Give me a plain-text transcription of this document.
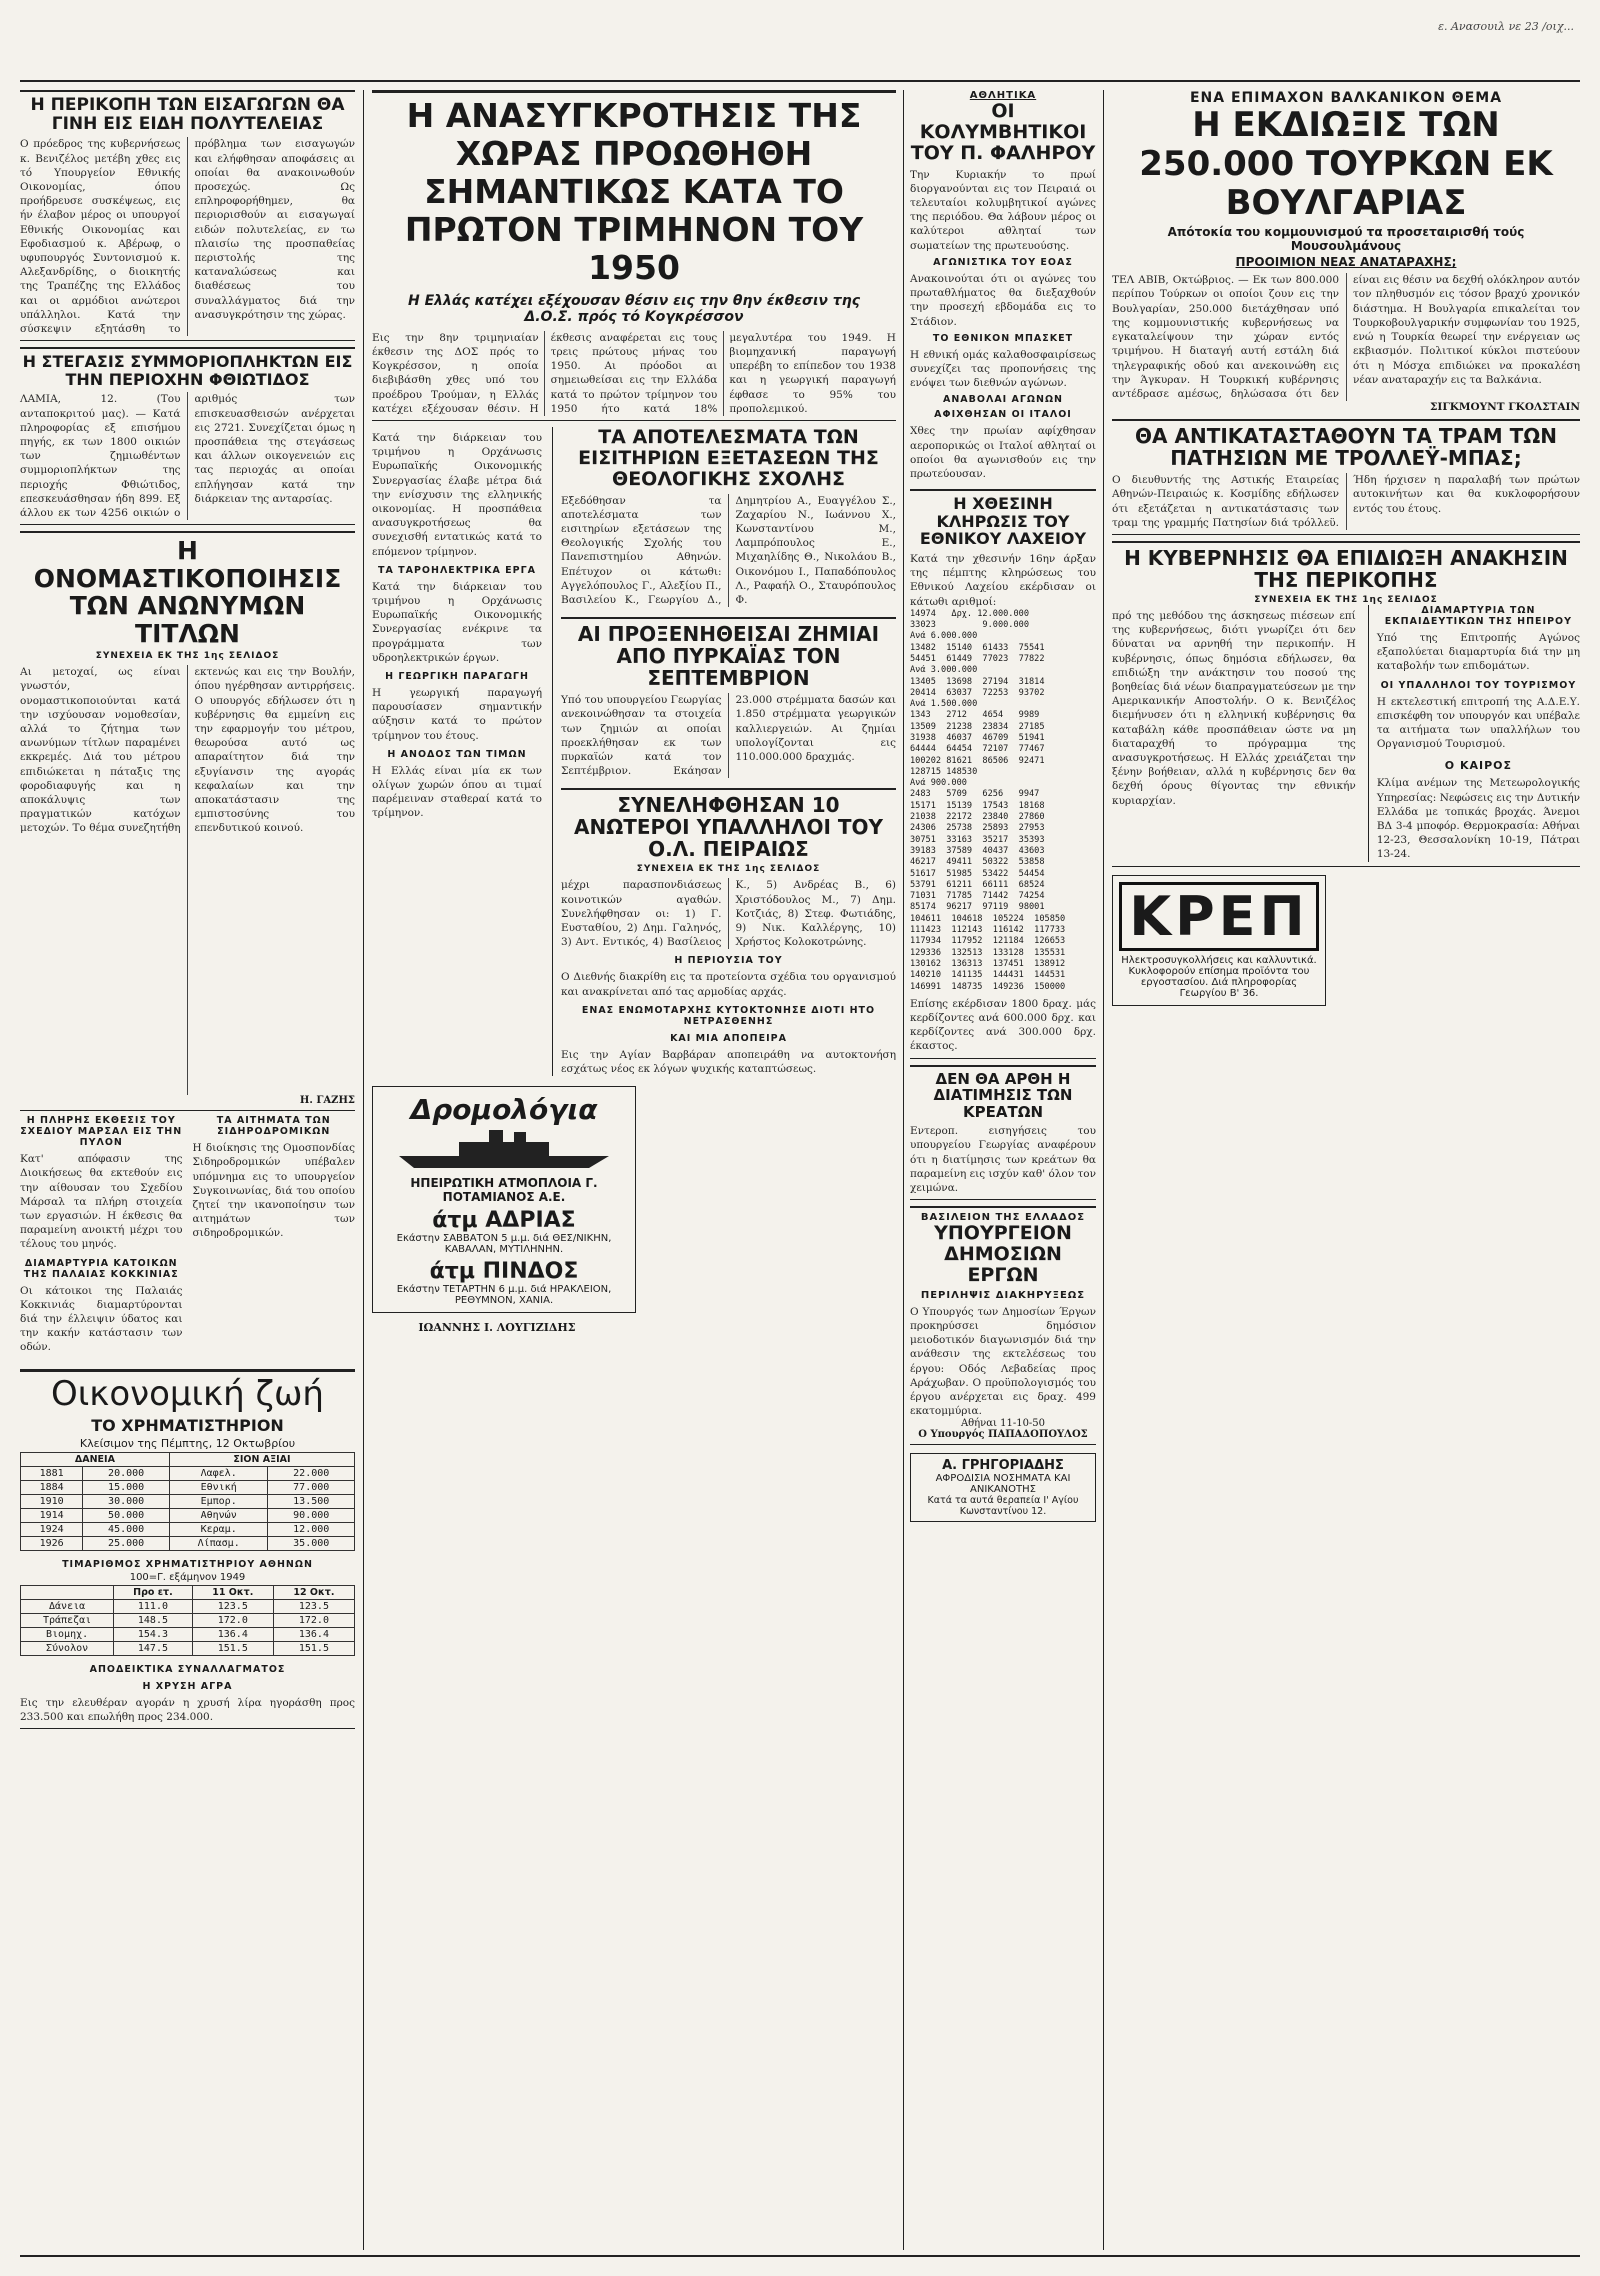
ε. Ανασουιλ νε 23 /οιχ...
Η ΠΕΡΙΚΟΠΗ ΤΩΝ ΕΙΣΑΓΩΓΩΝ ΘΑ ΓΙΝΗ ΕΙΣ ΕΙΔΗ ΠΟΛΥΤΕΛΕΙΑΣ

Ο πρόεδρος της κυβερνήσεως κ. Βενιζέλος μετέβη χθες εις τό Υπουργείον Εθνικής Οικονομίας, όπου προήδρευσε συσκέψεως, εις ήν έλαβον μέρος οι υπουργοί Εθνικής Οικονομίας και Εφοδιασμού κ. Αβέρωφ, ο υφυπουργός Συντονισμού κ. Αλεξανδρίδης, ο διοικητής της Τραπέζης της Ελλάδος και οι αρμόδιοι ανώτεροι υπάλληλοι. Κατά την σύσκεψιν εξητάσθη το πρόβλημα των εισαγωγών και ελήφθησαν αποφάσεις αι οποίαι θα ανακοινωθούν προσεχώς. Ως επληροφορήθημεν, θα περιορισθούν αι εισαγωγαί ειδών πολυτελείας, εν τω πλαισίω της προσπαθείας περιστολής της καταναλώσεως και διαθέσεως του συναλλάγματος διά την ανασυγκρότησιν της χώρας.

Η ΣΤΕΓΑΣΙΣ ΣΥΜΜΟΡΙΟΠΛΗΚΤΩΝ ΕΙΣ ΤΗΝ ΠΕΡΙΟΧΗΝ ΦΘΙΩΤΙΔΟΣ

ΛΑΜΙΑ, 12. (Του ανταποκριτού μας). — Κατά πληροφορίας εξ επισήμου πηγής, εκ των 1800 οικιών των ζημιωθέντων συμμοριοπλήκτων της περιοχής Φθιώτιδος, επεσκευάσθησαν ήδη 899. Εξ άλλου εκ των 4256 οικιών ο αριθμός των επισκευασθεισών ανέρχεται εις 2721. Συνεχίζεται όμως η προσπάθεια της στεγάσεως και άλλων οικογενειών εις τας περιοχάς αι οποίαι επλήγησαν κατά την διάρκειαν της ανταρσίας.

Η ΟΝΟΜΑΣΤΙΚΟΠΟΙΗΣΙΣ ΤΩΝ ΑΝΩΝΥΜΩΝ ΤΙΤΛΩΝ
ΣΥΝΕΧΕΙΑ ΕΚ ΤΗΣ 1ης ΣΕΛΙΔΟΣ

Αι μετοχαί, ως είναι γνωστόν, ονομαστικοποιούνται κατά την ισχύουσαν νομοθεσίαν, αλλά το ζήτημα των ανωνύμων τίτλων παραμένει εκκρεμές. Διά του μέτρου επιδιώκεται η πάταξις της φοροδιαφυγής και η αποκάλυψις των πραγματικών κατόχων μετοχών. Το θέμα συνεζητήθη εκτενώς και εις την Βουλήν, όπου ηγέρθησαν αντιρρήσεις. Ο υπουργός εδήλωσεν ότι η κυβέρνησις θα εμμείνη εις την εφαρμογήν του μέτρου, θεωρούσα αυτό ως απαραίτητον διά την εξυγίανσιν της αγοράς κεφαλαίων και την αποκατάστασιν της εμπιστοσύνης του επενδυτικού κοινού.

Η. ΓΑΖΗΣ
Η ΠΛΗΡΗΣ ΕΚΘΕΣΙΣ ΤΟΥ ΣΧΕΔΙΟΥ ΜΑΡΣΑΛ ΕΙΣ ΤΗΝ ΠΥΛΟΝ

Κατ' απόφασιν της Διοικήσεως θα εκτεθούν εις την αίθουσαν του Σχεδίου Μάρσαλ τα πλήρη στοιχεία των εργασιών. Η έκθεσις θα παραμείνη ανοικτή μέχρι του τέλους του μηνός.

ΔΙΑΜΑΡΤΥΡΙΑ ΚΑΤΟΙΚΩΝ ΤΗΣ ΠΑΛΑΙΑΣ ΚΟΚΚΙΝΙΑΣ

Οι κάτοικοι της Παλαιάς Κοκκινιάς διαμαρτύρονται διά την έλλειψιν ύδατος και την κακήν κατάστασιν των οδών.

ΤΑ ΑΙΤΗΜΑΤΑ ΤΩΝ ΣΙΔΗΡΟΔΡΟΜΙΚΩΝ

Η διοίκησις της Ομοσπονδίας Σιδηροδρομικών υπέβαλεν υπόμνημα εις το υπουργείον Συγκοινωνίας, διά του οποίου ζητεί την ικανοποίησιν των αιτημάτων των σιδηροδρομικών.

Οικονομική ζωή
ΤΟ ΧΡΗΜΑΤΙΣΤΗΡΙΟΝ
Κλείσιμον της Πέμπτης, 12 Οκτωβρίου
ΔΑΝΕΙΑ		ΣΙΟΝ ΑΞΙΑΙ	
1881	20.000	Λαφελ.	22.000
1884	15.000	Εθνική	77.000
1910	30.000	Εμπορ.	13.500
1914	50.000	Αθηνών	90.000
1924	45.000	Κεραμ.	12.000
1926	25.000	Λίπασμ.	35.000
ΤΙΜΑΡΙΘΜΟΣ ΧΡΗΜΑΤΙΣΤΗΡΙΟΥ ΑΘΗΝΩΝ
100=Γ. εξάμηνον 1949
	Προ ετ.	11 Οκτ.	12 Οκτ.
Δάνεια	111.0	123.5	123.5
Τράπεζαι	148.5	172.0	172.0
Βιομηχ.	154.3	136.4	136.4
Σύνολον	147.5	151.5	151.5
ΑΠΟΔΕΙΚΤΙΚΑ ΣΥΝΑΛΛΑΓΜΑΤΟΣ
Η ΧΡΥΣΗ ΑΓΡΑ

Εις την ελευθέραν αγοράν η χρυσή λίρα ηγοράσθη προς 233.500 και επωλήθη προς 234.000.

Η ΑΝΑΣΥΓΚΡΟΤΗΣΙΣ ΤΗΣ ΧΩΡΑΣ ΠΡΟΩΘΗΘΗ ΣΗΜΑΝΤΙΚΩΣ ΚΑΤΑ ΤΟ ΠΡΩΤΟΝ ΤΡΙΜΗΝΟΝ ΤΟΥ 1950
Η Ελλάς κατέχει εξέχουσαν θέσιν εις την θην έκθεσιν της Δ.Ο.Σ. πρός τό Κογκρέσσον

Εις την 8ην τριμηνιαίαν έκθεσιν της ΔΟΣ πρός το Κογκρέσσον, η οποία διεβιβάσθη χθες υπό του προέδρου Τρούμαν, η Ελλάς κατέχει εξέχουσαν θέσιν. Η έκθεσις αναφέρεται εις τους τρεις πρώτους μήνας του 1950. Αι πρόοδοι αι σημειωθείσαι εις την Ελλάδα κατά το πρώτον τρίμηνον του 1950 ήτο κατά 18% μεγαλυτέρα του 1949. Η βιομηχανική παραγωγή υπερέβη το επίπεδον του 1938 και η γεωργική παραγωγή έφθασε το 95% του προπολεμικού.

Κατά την διάρκειαν του τριμήνου η Ορχάνωσις Ευρωπαϊκής Οικονομικής Συνεργασίας έλαβε μέτρα διά την ενίσχυσιν της ελληνικής οικονομίας. Η προσπάθεια ανασυγκροτήσεως θα συνεχισθή εντατικώς κατά το επόμενον τρίμηνον.

ΤΑ ΤΑΡΟΗΛΕΚΤΡΙΚΑ ΕΡΓΑ

Κατά την διάρκειαν του τριμήνου η Ορχάνωσις Ευρωπαϊκής Οικονομικής Συνεργασίας ενέκρινε τα προγράμματα των υδροηλεκτρικών έργων.

Η ΓΕΩΡΓΙΚΗ ΠΑΡΑΓΩΓΗ

Η γεωργική παραγωγή παρουσίασεν σημαντικήν αύξησιν κατά το πρώτον τρίμηνον του έτους.

Η ΑΝΟΔΟΣ ΤΩΝ ΤΙΜΩΝ

Η Ελλάς είναι μία εκ των ολίγων χωρών όπου αι τιμαί παρέμειναν σταθεραί κατά το τρίμηνον.

ΤΑ ΑΠΟΤΕΛΕΣΜΑΤΑ ΤΩΝ ΕΙΣΙΤΗΡΙΩΝ ΕΞΕΤΑΣΕΩΝ ΤΗΣ ΘΕΟΛΟΓΙΚΗΣ ΣΧΟΛΗΣ

Εξεδόθησαν τα αποτελέσματα των εισιτηρίων εξετάσεων της Θεολογικής Σχολής του Πανεπιστημίου Αθηνών. Επέτυχον οι κάτωθι: Αγγελόπουλος Γ., Αλεξίου Π., Βασιλείου Κ., Γεωργίου Δ., Δημητρίου Α., Ευαγγέλου Σ., Ζαχαρίου Ν., Ιωάννου Χ., Κωνσταντίνου Μ., Λαμπρόπουλος Ε., Μιχαηλίδης Θ., Νικολάου Β., Οικονόμου Ι., Παπαδόπουλος Λ., Ραφαήλ Ο., Σταυρόπουλος Φ.

ΑΙ ΠΡΟΞΕΝΗΘΕΙΣΑΙ ΖΗΜΙΑΙ ΑΠΟ ΠΥΡΚΑΪΑΣ ΤΟΝ ΣΕΠΤΕΜΒΡΙΟΝ

Υπό του υπουργείου Γεωργίας ανεκοινώθησαν τα στοιχεία των ζημιών αι οποίαι προεκλήθησαν εκ των πυρκαϊών κατά τον Σεπτέμβριον. Εκάησαν 23.000 στρέμματα δασών και 1.850 στρέμματα γεωργικών καλλιεργειών. Αι ζημίαι υπολογίζονται εις 110.000.000 δραχμάς.

ΣΥΝΕΛΗΦΘΗΣΑΝ 10 ΑΝΩΤΕΡΟΙ ΥΠΑΛΛΗΛΟΙ ΤΟΥ Ο.Λ. ΠΕΙΡΑΙΩΣ
ΣΥΝΕΧΕΙΑ ΕΚ ΤΗΣ 1ης ΣΕΛΙΔΟΣ

μέχρι παρασπονδιάσεως κοινοτικών αγαθών. Συνελήφθησαν οι: 1) Γ. Ευσταθίου, 2) Δημ. Γαληνός, 3) Αντ. Εντικός, 4) Βασίλειος Κ., 5) Ανδρέας Β., 6) Χριστόδουλος Μ., 7) Δημ. Κοτζιάς, 8) Στεφ. Φωτιάδης, 9) Νικ. Καλλέργης, 10) Χρήστος Κολοκοτρώνης.

Η ΠΕΡΙΟΥΣΙΑ ΤΟΥ

Ο Διεθνής διακρίθη εις τα προτείοντα σχέδια του οργανισμού και ανακρίνεται από τας αρμοδίας αρχάς.

ΕΝΑΣ ΕΝΩΜΟΤΑΡΧΗΣ ΚΥΤΟΚΤΟΝΗΣΕ ΔΙΟΤΙ ΗΤΟ ΝΕΤΡΑΣΘΕΝΗΣ
ΚΑΙ ΜΙΑ ΑΠΟΠΕΙΡΑ

Εις την Αγίαν Βαρβάραν αποπειράθη να αυτοκτονήση εσχάτως νέος εκ λόγων ψυχικής καταπτώσεως.

Δρομολόγια
ΗΠΕΙΡΩΤΙΚΗ ΑΤΜΟΠΛΟΙΑ Γ. ΠΟΤΑΜΙΑΝΟΣ Α.Ε.
άτμ ΑΔΡΙΑΣ
Εκάστην ΣΑΒΒΑΤΟΝ 5 μ.μ. διά ΘΕΣ/ΝΙΚΗΝ, ΚΑΒΑΛΑΝ, ΜΥΤΙΛΗΝΗΝ.
άτμ ΠΙΝΔΟΣ
Εκάστην ΤΕΤΑΡΤΗΝ 6 μ.μ. διά ΗΡΑΚΛΕΙΟΝ, ΡΕΘΥΜΝΟΝ, ΧΑΝΙΑ.
ΙΩΑΝΝΗΣ Ι. ΛΟΥΓΙΖΙΔΗΣ
ΑΘΛΗΤΙΚΑ
ΟΙ ΚΟΛΥΜΒΗΤΙΚΟΙ ΤΟΥ Π. ΦΑΛΗΡΟΥ

Την Κυριακήν το πρωί διοργανούνται εις τον Πειραιά οι τελευταίοι κολυμβητικοί αγώνες της περιόδου. Θα λάβουν μέρος οι καλύτεροι αθληταί των σωματείων της πρωτευούσης.

ΑΓΩΝΙΣΤΙΚΑ ΤΟΥ ΕΟΑΣ

Ανακοινούται ότι οι αγώνες του πρωταθλήματος θα διεξαχθούν την προσεχή εβδομάδα εις το Στάδιον.

ΤΟ ΕΘΝΙΚΟΝ ΜΠΑΣΚΕΤ

Η εθνική ομάς καλαθοσφαιρίσεως συνεχίζει τας προπονήσεις της ενόψει των διεθνών αγώνων.

ΑΝΑΒΟΛΑΙ ΑΓΩΝΩΝ
ΑΦΙΧΘΗΣΑΝ ΟΙ ΙΤΑΛΟΙ

Χθες την πρωίαν αφίχθησαν αεροπορικώς οι Ιταλοί αθληταί οι οποίοι θα αγωνισθούν εις την πρωτεύουσαν.

Η ΧΘΕΣΙΝΗ ΚΛΗΡΩΣΙΣ ΤΟΥ ΕΘΝΙΚΟΥ ΛΑΧΕΙΟΥ

Κατά την χθεσινήν 16ην άρξαν της πέμπτης κληρώσεως του Εθνικού Λαχείου εκέρδισαν οι κάτωθι αριθμοί:

14974   Δρχ. 12.000.000
33023         9.000.000
Ανά 6.000.000
13482  15140  61433  75541
54451  61449  77023  77822
Ανά 3.000.000
13405  13698  27194  31814
20414  63037  72253  93702
Ανά 1.500.000
1343   2712   4654   9989
13509  21238  23834  27185
31938  46037  46709  51941
64444  64454  72107  77467
100202 81621  86506  92471
128715 148530
Ανά 900.000
2483   5709   6256   9947
15171  15139  17543  18168
21038  22172  23840  27860
24306  25738  25893  27953
30751  33163  35217  35393
39183  37589  40437  43603
46217  49411  50322  53858
51617  51985  53422  54454
53791  61211  66111  68524
71031  71785  71442  74254
85174  96217  97119  98001
104611  104618  105224  105850
111423  112143  116142  117733
117934  117952  121184  126653
129336  132513  133128  135531
130162  136313  137451  138912
140210  141135  144431  144531
146991  148735  149236  150000

Επίσης εκέρδισαν 1800 δραχ. μάς κερδίζοντες ανά 600.000 δρχ. και κερδίζοντες ανά 300.000 δρχ. έκαστος.

ΔΕΝ ΘΑ ΑΡΘΗ Η ΔΙΑΤΙΜΗΣΙΣ ΤΩΝ ΚΡΕΑΤΩΝ

Εντεροπ. εισηγήσεις του υπουργείου Γεωργίας αναφέρουν ότι η διατίμησις των κρεάτων θα παραμείνη εις ισχύν καθ' όλον τον χειμώνα.

ΒΑΣΙΛΕΙΟΝ ΤΗΣ ΕΛΛΑΔΟΣ
ΥΠΟΥΡΓΕΙΟΝ ΔΗΜΟΣΙΩΝ ΕΡΓΩΝ
ΠΕΡΙΛΗΨΙΣ ΔΙΑΚΗΡΥΞΕΩΣ

Ο Υπουργός των Δημοσίων Έργων προκηρύσσει δημόσιον μειοδοτικόν διαγωνισμόν διά την ανάθεσιν της εκτελέσεως του έργου: Οδός Λεβαδείας προς Αράχωβαν. Ο προϋπολογισμός του έργου ανέρχεται εις δραχ. 499 εκατομμύρια.

Αθήναι 11-10-50
Ο Υπουργός ΠΑΠΑΔΟΠΟΥΛΟΣ
Α. ΓΡΗΓΟΡΙΑΔΗΣ
ΑΦΡΟΔΙΣΙΑ ΝΟΣΗΜΑΤΑ ΚΑΙ ΑΝΙΚΑΝΟΤΗΣ
Κατά τα αυτά θεραπεία Ι' Αγίου Κωνσταντίνου 12.
ΕΝΑ ΕΠΙΜΑΧΟΝ ΒΑΛΚΑΝΙΚΟΝ ΘΕΜΑ
Η ΕΚΔΙΩΞΙΣ ΤΩΝ 250.000 ΤΟΥΡΚΩΝ ΕΚ ΒΟΥΛΓΑΡΙΑΣ
Απότοκία του κομμουνισμού τα προσεταιρισθή τούς Μουσουλμάνους
ΠΡΟΟΙΜΙΟΝ ΝΕΑΣ ΑΝΑΤΑΡΑΧΗΣ;

ΤΕΛ ΑΒΙΒ, Οκτώβριος. — Εκ των 800.000 περίπου Τούρκων οι οποίοι ζουν εις την Βουλγαρίαν, 250.000 διετάχθησαν υπό της κομμουνιστικής κυβερνήσεως να εγκαταλείψουν την χώραν εντός τριμήνου. Η διαταγή αυτή εστάλη διά τηλεγραφικής οδού και ανεκοινώθη εις την Άγκυραν. Η Τουρκική κυβέρνησις αντέδρασε αμέσως, δηλώσασα ότι δεν είναι εις θέσιν να δεχθή ολόκληρον αυτόν τον πληθυσμόν εις τόσον βραχύ χρονικόν διάστημα. Η Βουλγαρία επικαλείται τον Τουρκοβουλγαρικήν συμφωνίαν του 1925, ενώ η Τουρκία θεωρεί την ενέργειαν ως εκβιασμόν. Πολιτικοί κύκλοι πιστεύουν ότι η Μόσχα επιδιώκει να προκαλέση νέαν αναταραχήν εις τα Βαλκάνια.

ΣΙΓΚΜΟΥΝΤ ΓΚΟΛΣΤΑΙΝ
ΘΑ ΑΝΤΙΚΑΤΑΣΤΑΘΟΥΝ ΤΑ ΤΡΑΜ ΤΩΝ ΠΑΤΗΣΙΩΝ ΜΕ ΤΡΟΛΛΕΫ-ΜΠΑΣ;

Ο διευθυντής της Αστικής Εταιρείας Αθηνών-Πειραιώς κ. Κοσμίδης εδήλωσεν ότι εξετάζεται η αντικατάστασις των τραμ της γραμμής Πατησίων διά τρόλλεϋ. Ήδη ήρχισεν η παραλαβή των πρώτων αυτοκινήτων και θα κυκλοφορήσουν εντός του έτους.

Η ΚΥΒΕΡΝΗΣΙΣ ΘΑ ΕΠΙΔΙΩΞΗ ΑΝΑΚΗΣΙΝ ΤΗΣ ΠΕΡΙΚΟΠΗΣ
ΣΥΝΕΧΕΙΑ ΕΚ ΤΗΣ 1ης ΣΕΛΙΔΟΣ

πρό της μεθόδου της άσκησεως πιέσεων επί της κυβερνήσεως, διότι γνωρίζει ότι δεν δύναται να αρνηθή την περικοπήν. Η κυβέρνησις, όπως δημόσια εδήλωσεν, θα επιδιώξη την ανάκτησιν του ποσού της βοηθείας διά νέων διαπραγματεύσεων με την Αμερικανικήν Αποστολήν. Ο κ. Βενιζέλος διεμήνυσεν ότι η ελληνική κυβέρνησις θα καταβάλη κάθε προσπάθειαν ώστε να μη διαταραχθή το πρόγραμμα της ανασυγκροτήσεως. Η Ελλάς χρειάζεται την ξένην βοήθειαν, αλλά η κυβέρνησις δεν θα δεχθή όρους θίγοντας την εθνικήν κυριαρχίαν.

ΔΙΑΜΑΡΤΥΡΙΑ ΤΩΝ ΕΚΠΑΙΔΕΥΤΙΚΩΝ ΤΗΣ ΗΠΕΙΡΟΥ

Υπό της Επιτροπής Αγώνος εξαπολύεται διαμαρτυρία διά την μη καταβολήν των επιδομάτων.

ΟΙ ΥΠΑΛΛΗΛΟΙ ΤΟΥ ΤΟΥΡΙΣΜΟΥ

Η εκτελεστική επιτροπή της Α.Δ.Ε.Υ. επισκέφθη τον υπουργόν και υπέβαλε τα αιτήματα των υπαλλήλων του Οργανισμού Τουρισμού.

Ο ΚΑΙΡΟΣ

Κλίμα ανέμων της Μετεωρολογικής Υπηρεσίας: Νεφώσεις εις την Δυτικήν Ελλάδα με τοπικάς βροχάς. Άνεμοι ΒΔ 3-4 μποφόρ. Θερμοκρασία: Αθήναι 12-23, Θεσσαλονίκη 10-19, Πάτραι 13-24.

ΚΡΕΠ
Ηλεκτροσυγκολλήσεις και καλλυντικά. Κυκλοφορούν επίσημα προϊόντα του εργοστασίου. Διά πληροφορίας Γεωργίου Β' 36.
